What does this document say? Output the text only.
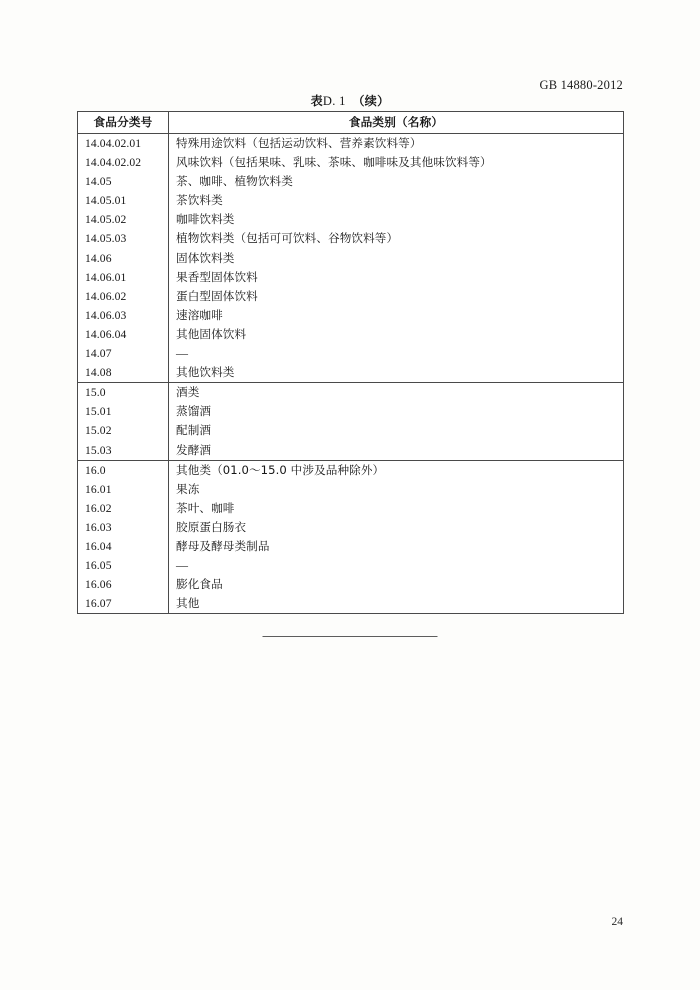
GB 14880-2012
表D. 1 （续）
食品分类号	食品类别（名称）
14.04.02.01	特殊用途饮料（包括运动饮料、营养素饮料等）
14.04.02.02	风味饮料（包括果味、乳味、茶味、咖啡味及其他味饮料等）
14.05	茶、咖啡、植物饮料类
14.05.01	茶饮料类
14.05.02	咖啡饮料类
14.05.03	植物饮料类（包括可可饮料、谷物饮料等）
14.06	固体饮料类
14.06.01	果香型固体饮料
14.06.02	蛋白型固体饮料
14.06.03	速溶咖啡
14.06.04	其他固体饮料
14.07	—
14.08	其他饮料类
15.0	酒类
15.01	蒸馏酒
15.02	配制酒
15.03	发酵酒
16.0	其他类（01.0～15.0 中涉及品种除外）
16.01	果冻
16.02	茶叶、咖啡
16.03	胶原蛋白肠衣
16.04	酵母及酵母类制品
16.05	—
16.06	膨化食品
16.07	其他
24
